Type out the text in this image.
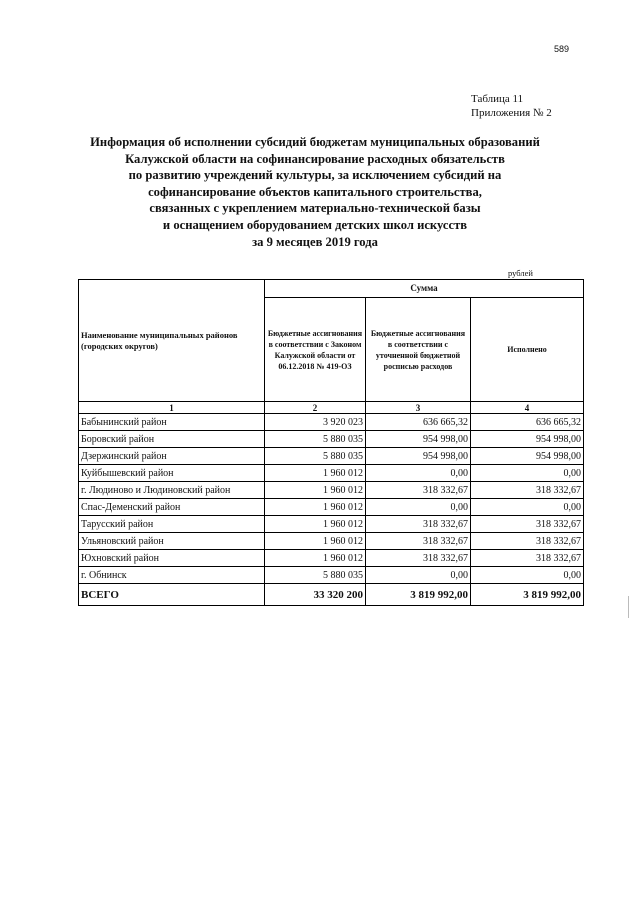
589
Таблица 11
Приложения № 2
Информация об исполнении субсидий бюджетам муниципальных образований
Калужской области на софинансирование расходных обязательств
по развитию учреждений культуры, за исключением субсидий на
софинансирование объектов капитального строительства,
связанных с укреплением материально-технической базы
и оснащением оборудованием детских школ искусств
за 9 месяцев 2019 года
рублей
Наименование муниципальных районов (городских округов)	Сумма		
	Бюджетные ассигнования в соответствии с Законом Калужской области от 06.12.2018 № 419-ОЗ	Бюджетные ассигнования в соответствии с уточненной бюджетной росписью расходов	Исполнено
1	2	3	4
Бабынинский район	3 920 023	636 665,32	636 665,32
Боровский район	5 880 035	954 998,00	954 998,00
Дзержинский район	5 880 035	954 998,00	954 998,00
Куйбышевский район	1 960 012	0,00	0,00
г. Людиново и Людиновский район	1 960 012	318 332,67	318 332,67
Спас-Деменский район	1 960 012	0,00	0,00
Тарусский район	1 960 012	318 332,67	318 332,67
Ульяновский район	1 960 012	318 332,67	318 332,67
Юхновский район	1 960 012	318 332,67	318 332,67
г. Обнинск	5 880 035	0,00	0,00
ВСЕГО	33 320 200	3 819 992,00	3 819 992,00
